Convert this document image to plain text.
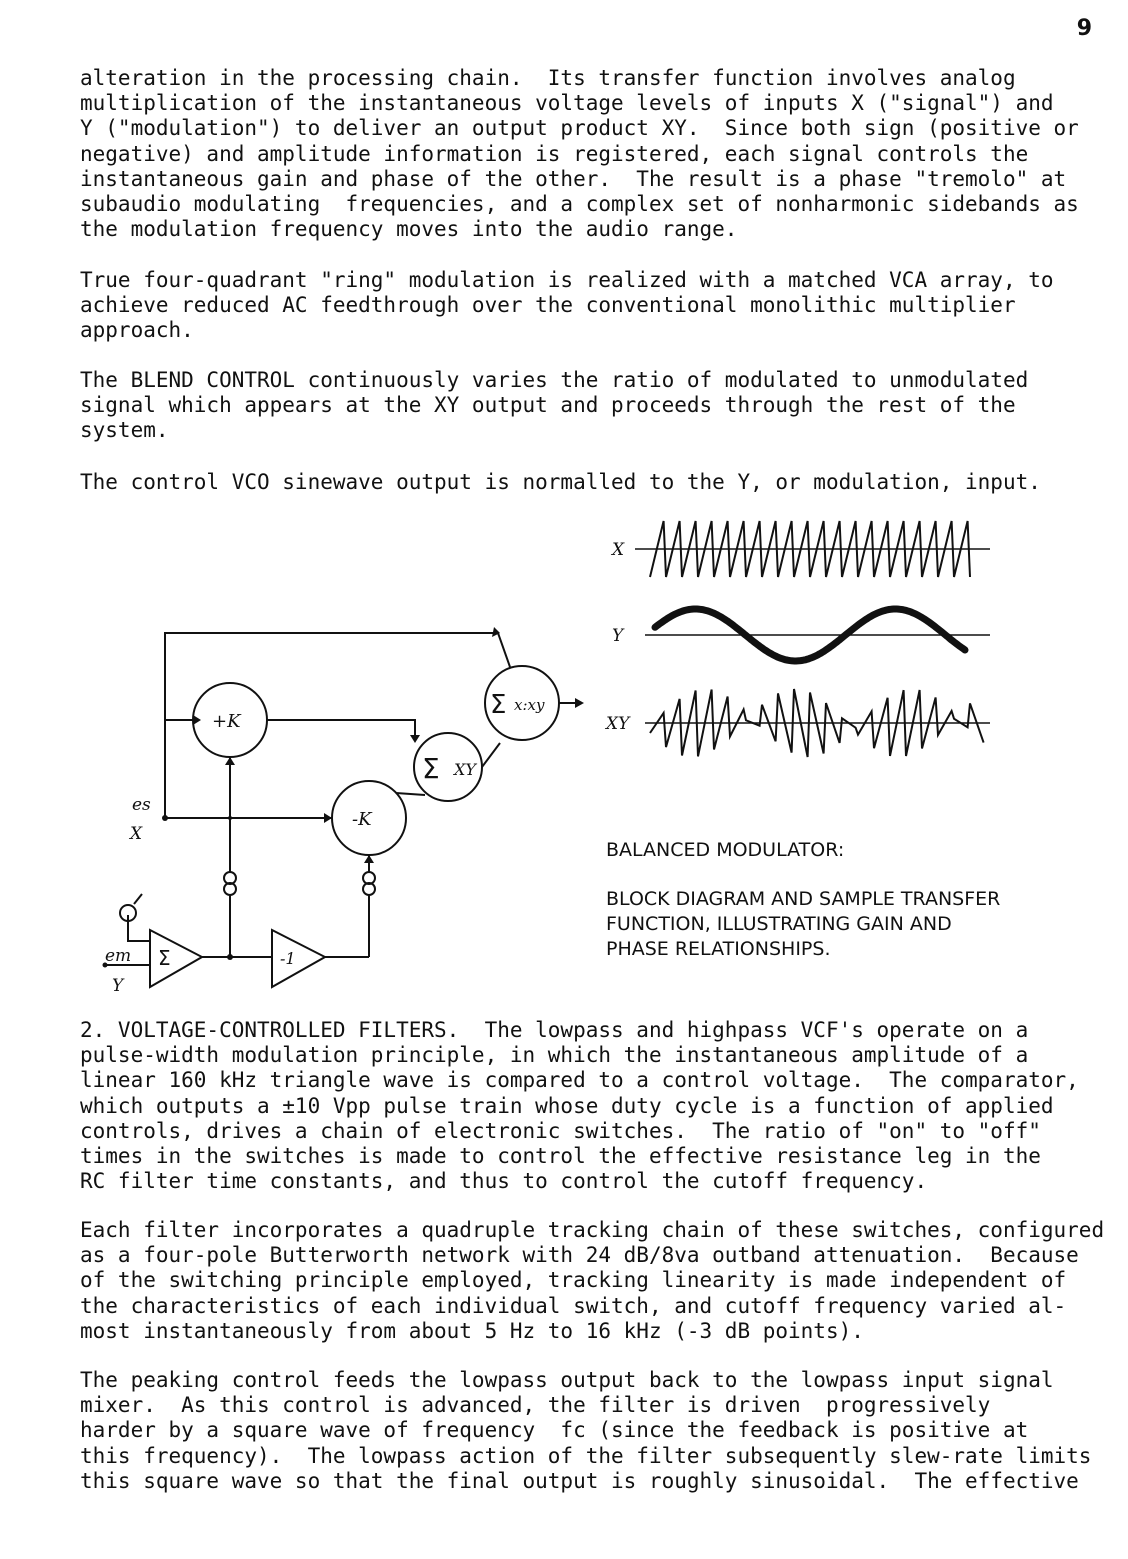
9
alteration in the processing chain.  Its transfer function involves analog
multiplication of the instantaneous voltage levels of inputs X ("signal") and
Y ("modulation") to deliver an output product XY.  Since both sign (positive or
negative) and amplitude information is registered, each signal controls the
instantaneous gain and phase of the other.  The result is a phase "tremolo" at
subaudio modulating  frequencies, and a complex set of nonharmonic sidebands as
the modulation frequency moves into the audio range.
True four-quadrant "ring" modulation is realized with a matched VCA array, to
achieve reduced AC feedthrough over the conventional monolithic multiplier
approach.
The BLEND CONTROL continuously varies the ratio of modulated to unmodulated
signal which appears at the XY output and proceeds through the rest of the
system.
The control VCO sinewave output is normalled to the Y, or modulation, input.
es
X
em
Y
+K
-K
Σ XY
Σ x:xy
Σ	-1
X
Y
XY
BALANCED MODULATOR:
BLOCK DIAGRAM AND SAMPLE TRANSFER
FUNCTION, ILLUSTRATING GAIN AND
PHASE RELATIONSHIPS.
2. VOLTAGE-CONTROLLED FILTERS.  The lowpass and highpass VCF's operate on a
pulse-width modulation principle, in which the instantaneous amplitude of a
linear 160 kHz triangle wave is compared to a control voltage.  The comparator,
which outputs a ±10 Vpp pulse train whose duty cycle is a function of applied
controls, drives a chain of electronic switches.  The ratio of "on" to "off"
times in the switches is made to control the effective resistance leg in the
RC filter time constants, and thus to control the cutoff frequency.
Each filter incorporates a quadruple tracking chain of these switches, configured
as a four-pole Butterworth network with 24 dB/8va outband attenuation.  Because
of the switching principle employed, tracking linearity is made independent of
the characteristics of each individual switch, and cutoff frequency varied al-
most instantaneously from about 5 Hz to 16 kHz (-3 dB points).
The peaking control feeds the lowpass output back to the lowpass input signal
mixer.  As this control is advanced, the filter is driven  progressively
harder by a square wave of frequency  fc (since the feedback is positive at
this frequency).  The lowpass action of the filter subsequently slew-rate limits
this square wave so that the final output is roughly sinusoidal.  The effective
